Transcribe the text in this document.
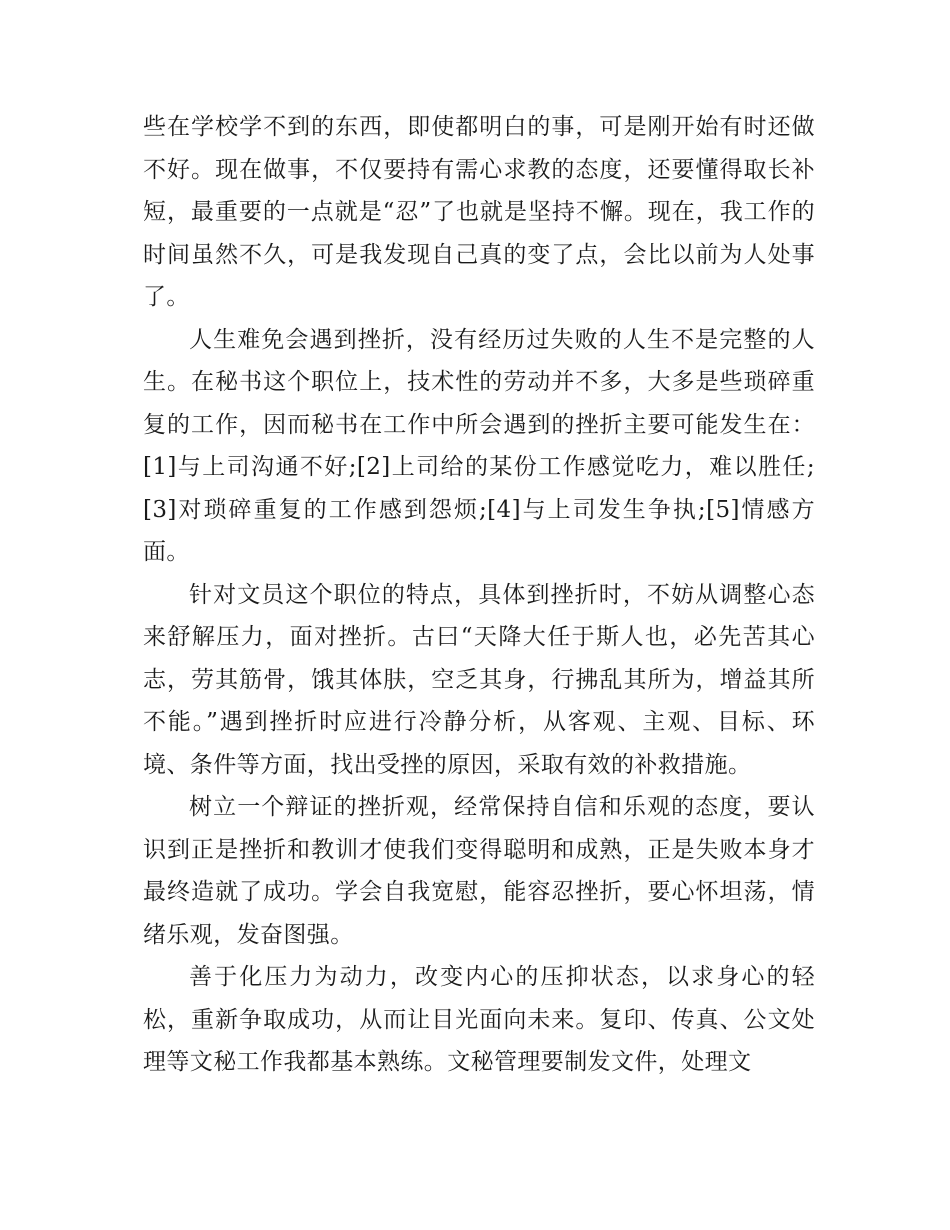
些在学校学不到的东西，即使都明白的事，可是刚开始有时还做不好。现在做事，不仅要持有需心求教的态度，还要懂得取长补短，最重要的一点就是“忍”了也就是坚持不懈。现在，我工作的时间虽然不久，可是我发现自己真的变了点，会比以前为人处事了。

人生难免会遇到挫折，没有经历过失败的人生不是完整的人生。在秘书这个职位上，技术性的劳动并不多，大多是些琐碎重复的工作，因而秘书在工作中所会遇到的挫折主要可能发生在：[1]与上司沟通不好;[2]上司给的某份工作感觉吃力，难以胜任;[3]对琐碎重复的工作感到怨烦;[4]与上司发生争执;[5]情感方面。

针对文员这个职位的特点，具体到挫折时，不妨从调整心态来舒解压力，面对挫折。古曰“天降大任于斯人也，必先苦其心志，劳其筋骨，饿其体肤，空乏其身，行拂乱其所为，增益其所不能。”遇到挫折时应进行冷静分析，从客观、主观、目标、环境、条件等方面，找出受挫的原因，采取有效的补救措施。

树立一个辩证的挫折观，经常保持自信和乐观的态度，要认识到正是挫折和教训才使我们变得聪明和成熟，正是失败本身才最终造就了成功。学会自我宽慰，能容忍挫折，要心怀坦荡，情绪乐观，发奋图强。

善于化压力为动力，改变内心的压抑状态，以求身心的轻松，重新争取成功，从而让目光面向未来。复印、传真、公文处理等文秘工作我都基本熟练。文秘管理要制发文件，处理文
